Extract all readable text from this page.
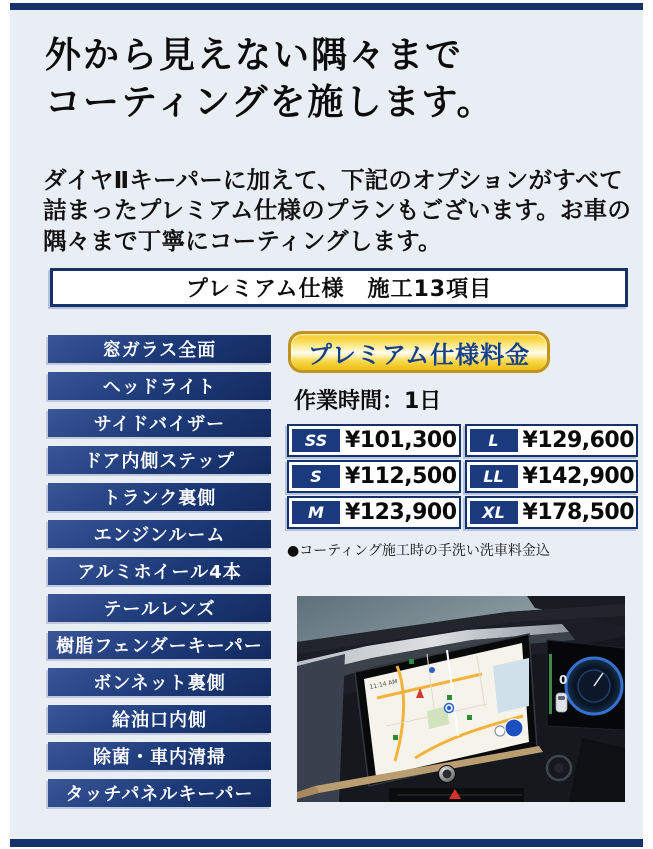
外から見えない隅々まで
コーティングを施します。

ダイヤⅡキーパーに加えて、下記のオプションがすべて詰まったプレミアム仕様のプランもございます。お車の隅々まで丁寧にコーティングします。

プレミアム仕様　施工13項目
窓ガラス全面
ヘッドライト
サイドバイザー
ドア内側ステップ
トランク裏側
エンジンルーム
アルミホイール4本
テールレンズ
樹脂フェンダーキーパー
ボンネット裏側
給油口内側
除菌・車内清掃
タッチパネルキーパー
プレミアム仕様料金
作業時間：1日
SS ¥101,300	L	¥129,600
S	¥112,500	LL ¥142,900
M ¥123,900	XL ¥178,500
●コーティング施工時の手洗い洗車料金込
11:14 AM	0
